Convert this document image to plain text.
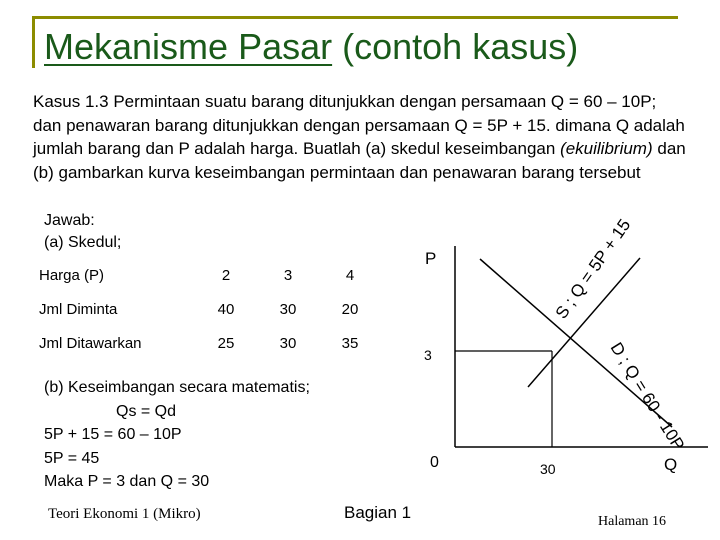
Mekanisme Pasar (contoh kasus)
Kasus 1.3 Permintaan suatu barang ditunjukkan dengan persamaan Q = 60 – 10P; dan penawaran barang ditunjukkan dengan persamaan Q = 5P + 15. dimana Q adalah jumlah barang dan P adalah harga. Buatlah (a) skedul keseimbangan (ekuilibrium) dan (b) gambarkan kurva keseimbangan permintaan dan penawaran barang tersebut
Jawab:
(a) Skedul;
Harga (P)	2	3	4
Jml Diminta	40	30	20
Jml Ditawarkan	25	30	35
(b) Keseimbangan secara matematis;
Qs = Qd
5P + 15 = 60 – 10P
5P = 45
Maka P = 3 dan Q = 30
P
Q
0
3
30
S ; Q = 5P + 15
D ; Q = 60 - 10P
Teori Ekonomi 1 (Mikro)	Bagian 1	Halaman 16
